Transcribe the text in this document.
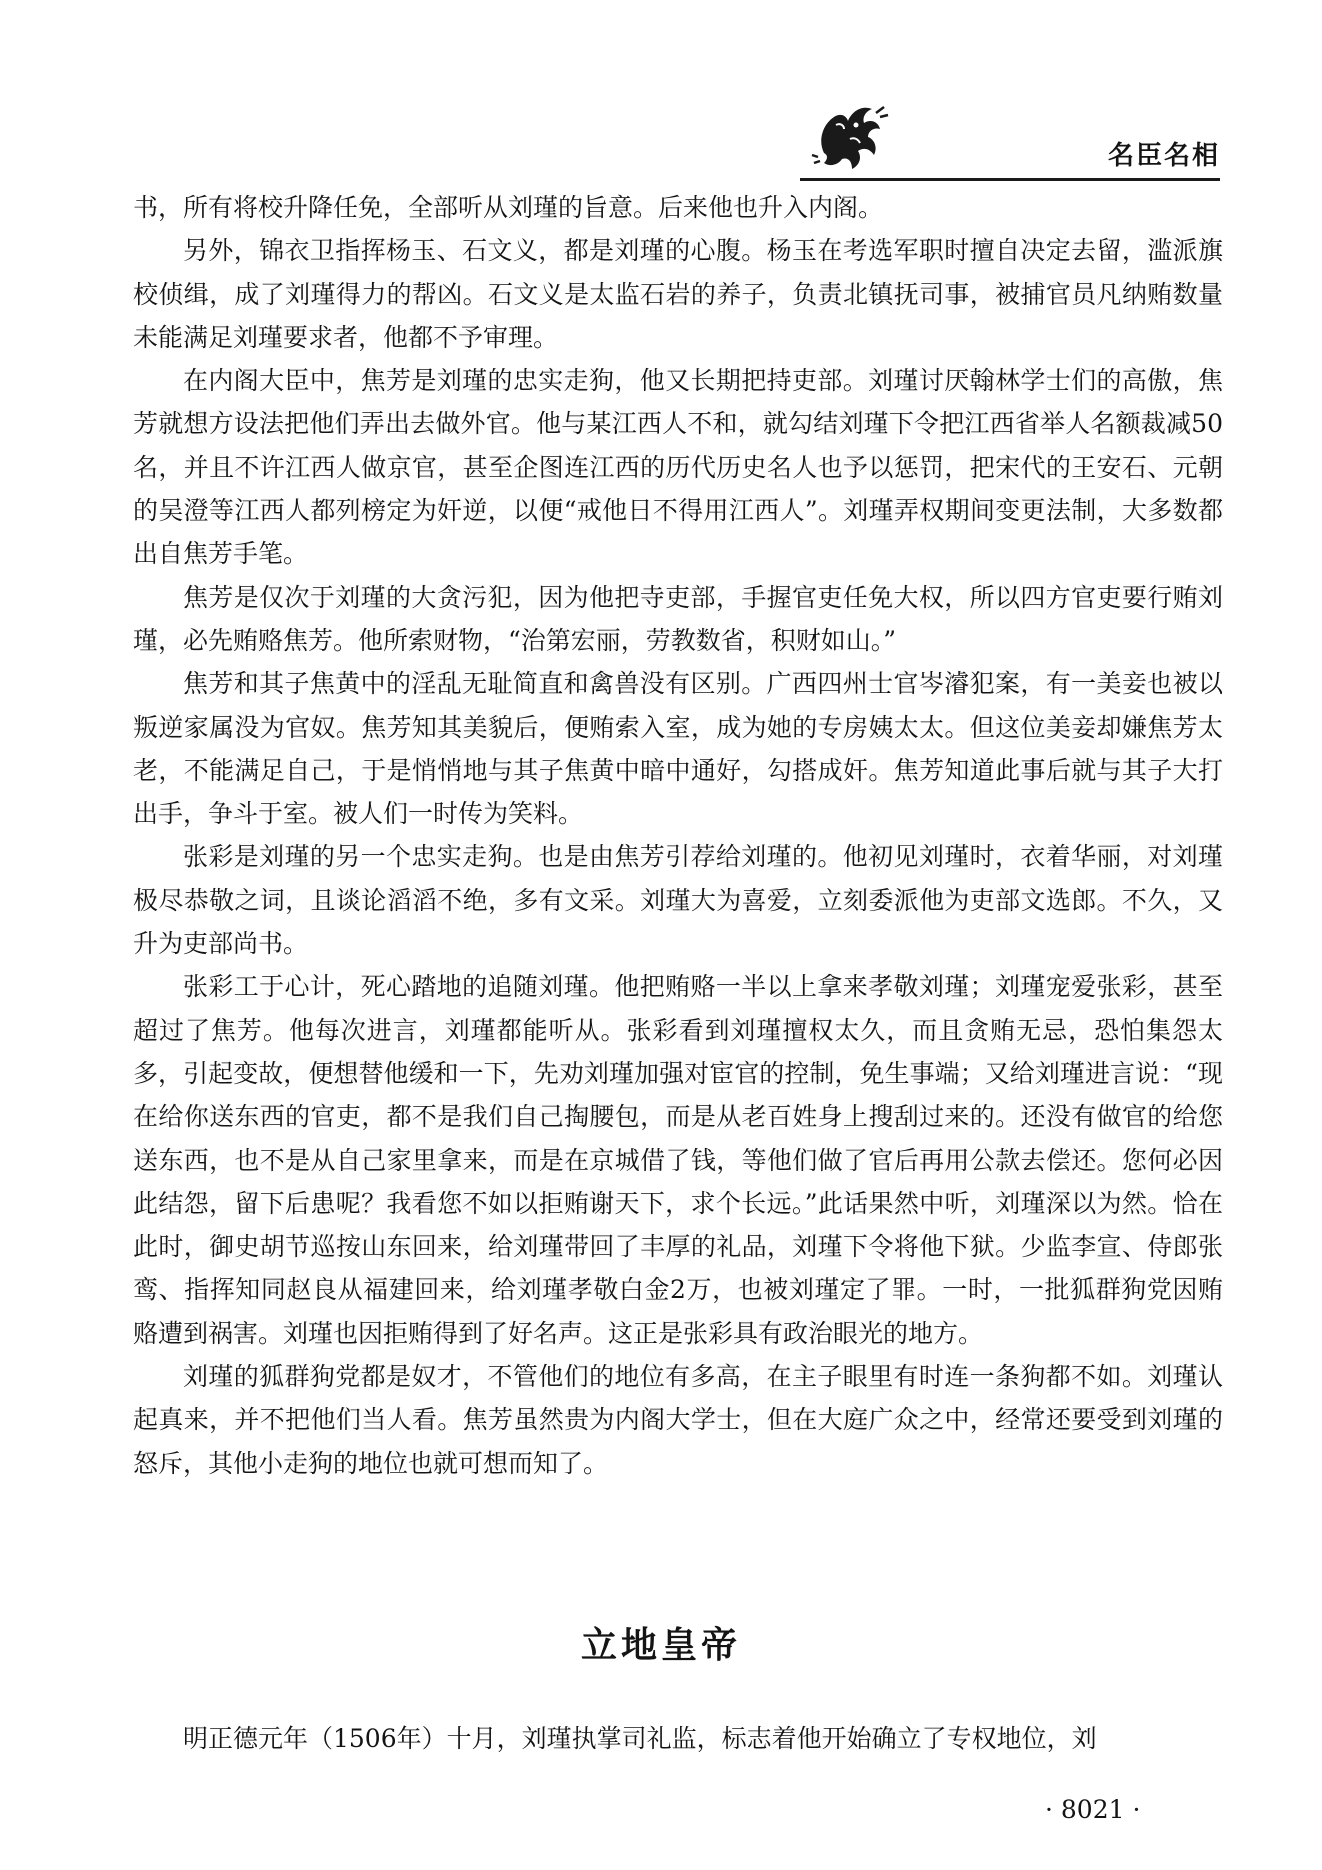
名臣名相

书，所有将校升降任免，全部听从刘瑾的旨意。后来他也升入内阁。

另外，锦衣卫指挥杨玉、石文义，都是刘瑾的心腹。杨玉在考选军职时擅自决定去留，滥派旗校侦缉，成了刘瑾得力的帮凶。石文义是太监石岩的养子，负责北镇抚司事，被捕官员凡纳贿数量未能满足刘瑾要求者，他都不予审理。

在内阁大臣中，焦芳是刘瑾的忠实走狗，他又长期把持吏部。刘瑾讨厌翰林学士们的高傲，焦芳就想方设法把他们弄出去做外官。他与某江西人不和，就勾结刘瑾下令把江西省举人名额裁减50名，并且不许江西人做京官，甚至企图连江西的历代历史名人也予以惩罚，把宋代的王安石、元朝的吴澄等江西人都列榜定为奸逆，以便“戒他日不得用江西人”。刘瑾弄权期间变更法制，大多数都出自焦芳手笔。

焦芳是仅次于刘瑾的大贪污犯，因为他把寺吏部，手握官吏任免大权，所以四方官吏要行贿刘瑾，必先贿赂焦芳。他所索财物，“治第宏丽，劳教数省，积财如山。”

焦芳和其子焦黄中的淫乱无耻简直和禽兽没有区别。广西四州士官岑濬犯案，有一美妾也被以叛逆家属没为官奴。焦芳知其美貌后，便贿索入室，成为她的专房姨太太。但这位美妾却嫌焦芳太老，不能满足自己，于是悄悄地与其子焦黄中暗中通好，勾搭成奸。焦芳知道此事后就与其子大打出手，争斗于室。被人们一时传为笑料。

张彩是刘瑾的另一个忠实走狗。也是由焦芳引荐给刘瑾的。他初见刘瑾时，衣着华丽，对刘瑾极尽恭敬之词，且谈论滔滔不绝，多有文采。刘瑾大为喜爱，立刻委派他为吏部文选郎。不久，又升为吏部尚书。

张彩工于心计，死心踏地的追随刘瑾。他把贿赂一半以上拿来孝敬刘瑾；刘瑾宠爱张彩，甚至超过了焦芳。他每次进言，刘瑾都能听从。张彩看到刘瑾擅权太久，而且贪贿无忌，恐怕集怨太多，引起变故，便想替他缓和一下，先劝刘瑾加强对宦官的控制，免生事端；又给刘瑾进言说：“现在给你送东西的官吏，都不是我们自己掏腰包，而是从老百姓身上搜刮过来的。还没有做官的给您送东西，也不是从自己家里拿来，而是在京城借了钱，等他们做了官后再用公款去偿还。您何必因此结怨，留下后患呢？我看您不如以拒贿谢天下，求个长远。”此话果然中听，刘瑾深以为然。恰在此时，御史胡节巡按山东回来，给刘瑾带回了丰厚的礼品，刘瑾下令将他下狱。少监李宣、侍郎张鸾、指挥知同赵良从福建回来，给刘瑾孝敬白金2万，也被刘瑾定了罪。一时，一批狐群狗党因贿赂遭到祸害。刘瑾也因拒贿得到了好名声。这正是张彩具有政治眼光的地方。

刘瑾的狐群狗党都是奴才，不管他们的地位有多高，在主子眼里有时连一条狗都不如。刘瑾认起真来，并不把他们当人看。焦芳虽然贵为内阁大学士，但在大庭广众之中，经常还要受到刘瑾的怒斥，其他小走狗的地位也就可想而知了。

立地皇帝

明正德元年（1506年）十月，刘瑾执掌司礼监，标志着他开始确立了专权地位，刘

· 8021 ·
